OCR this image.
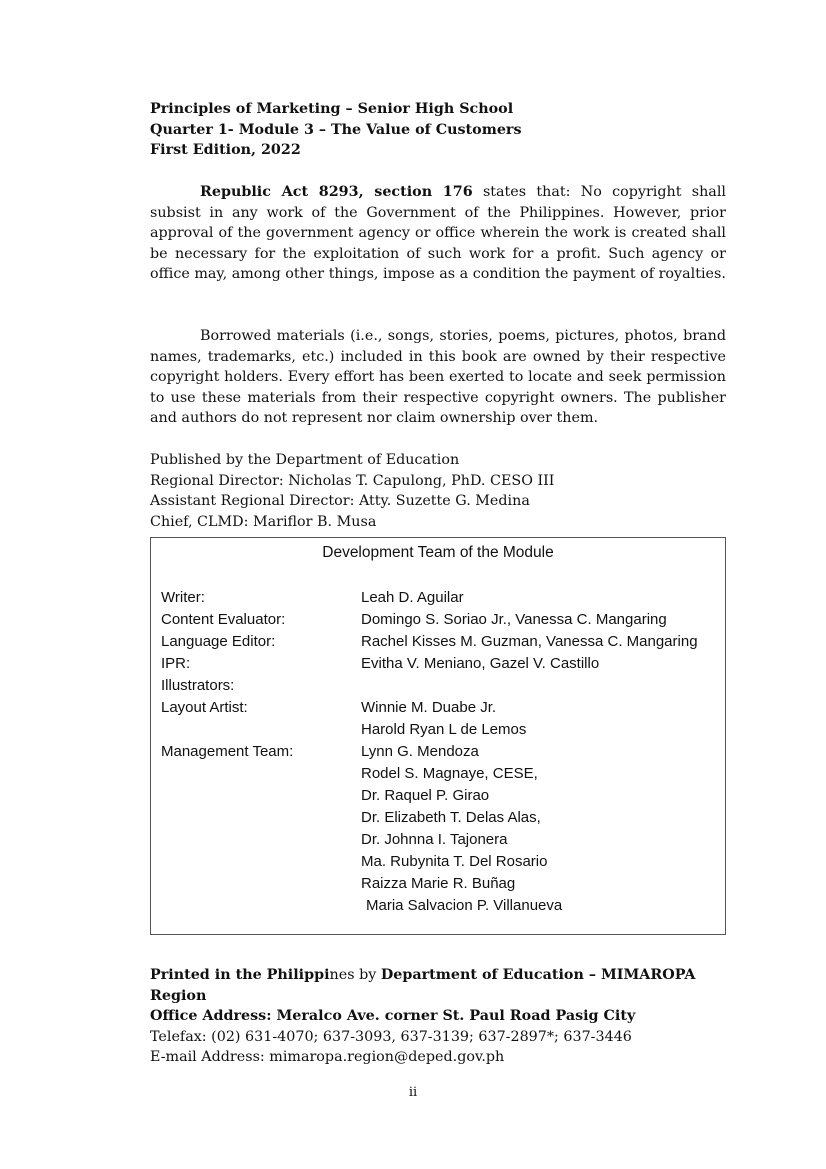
Principles of Marketing – Senior High School
Quarter 1- Module 3 – The Value of Customers
First Edition, 2022
Republic Act 8293, section 176 states that: No copyright shall subsist in any work of the Government of the Philippines. However, prior approval of the government agency or office wherein the work is created shall be necessary for the exploitation of such work for a profit. Such agency or office may, among other things, impose as a condition the payment of royalties.
Borrowed materials (i.e., songs, stories, poems, pictures, photos, brand names, trademarks, etc.) included in this book are owned by their respective copyright holders. Every effort has been exerted to locate and seek permission to use these materials from their respective copyright owners. The publisher and authors do not represent nor claim ownership over them.
Published by the Department of Education
Regional Director: Nicholas T. Capulong, PhD. CESO III
Assistant Regional Director: Atty. Suzette G. Medina
Chief, CLMD: Mariflor B. Musa
Development Team of the Module
Writer:
Content Evaluator:
Language Editor:
IPR:
Illustrators:
Layout Artist:
Management Team:
Leah D. Aguilar
Domingo S. Soriao Jr., Vanessa C. Mangaring
Rachel Kisses M. Guzman, Vanessa C. Mangaring
Evitha V. Meniano, Gazel V. Castillo
Winnie M. Duabe Jr.
Harold Ryan L de Lemos
Lynn G. Mendoza
Rodel S. Magnaye, CESE,
Dr. Raquel P. Girao
Dr. Elizabeth T. Delas Alas,
Dr. Johnna I. Tajonera
Ma. Rubynita T. Del Rosario
Raizza Marie R. Buñag
Maria Salvacion P. Villanueva
Printed in the Philippines by Department of Education – MIMAROPA
Region
Office Address: Meralco Ave. corner St. Paul Road Pasig City
Telefax: (02) 631-4070; 637-3093, 637-3139; 637-2897*; 637-3446
E-mail Address: mimaropa.region@deped.gov.ph
ii
